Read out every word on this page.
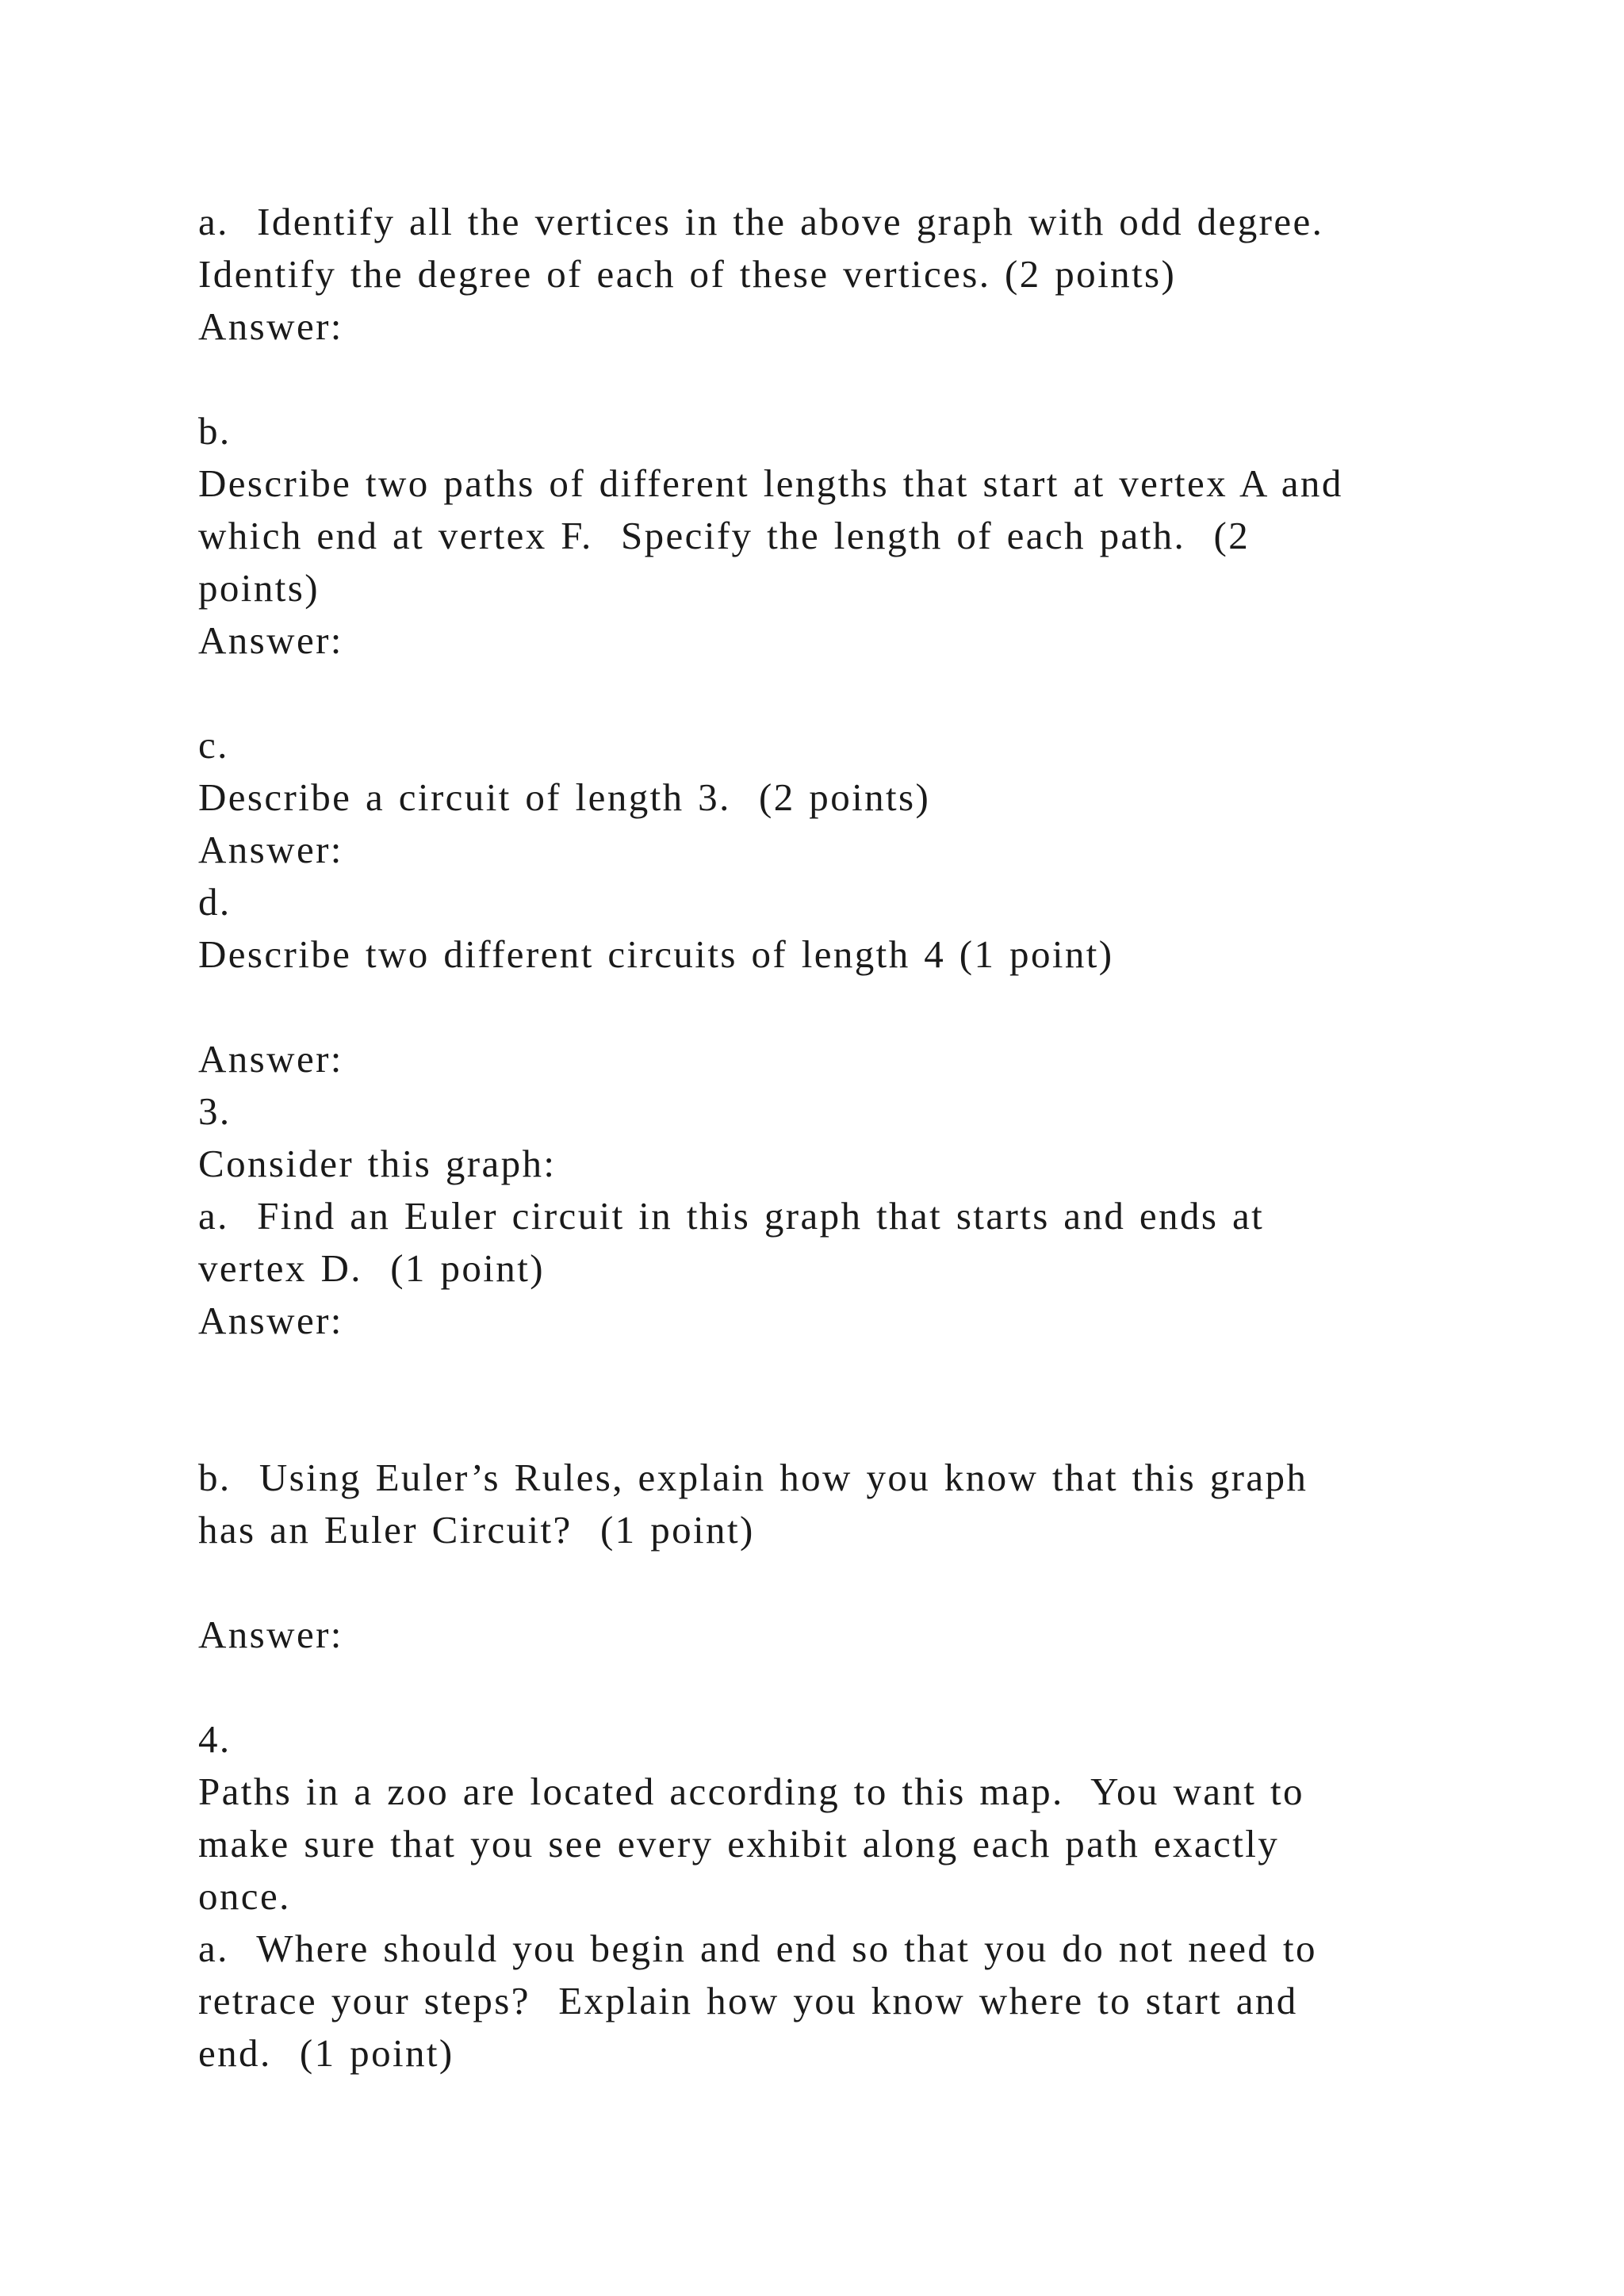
a.  Identify all the vertices in the above graph with odd degree.
Identify the degree of each of these vertices. (2 points)
Answer:
b.
Describe two paths of different lengths that start at vertex A and
which end at vertex F.  Specify the length of each path.  (2
points)
Answer:
c.
Describe a circuit of length 3.  (2 points)
Answer:
d.
Describe two different circuits of length 4 (1 point)
Answer:
3.
Consider this graph:
a.  Find an Euler circuit in this graph that starts and ends at
vertex D.  (1 point)
Answer:
b.  Using Euler’s Rules, explain how you know that this graph
has an Euler Circuit?  (1 point)
Answer:
4.
Paths in a zoo are located according to this map.  You want to
make sure that you see every exhibit along each path exactly
once.
a.  Where should you begin and end so that you do not need to
retrace your steps?  Explain how you know where to start and
end.  (1 point)
